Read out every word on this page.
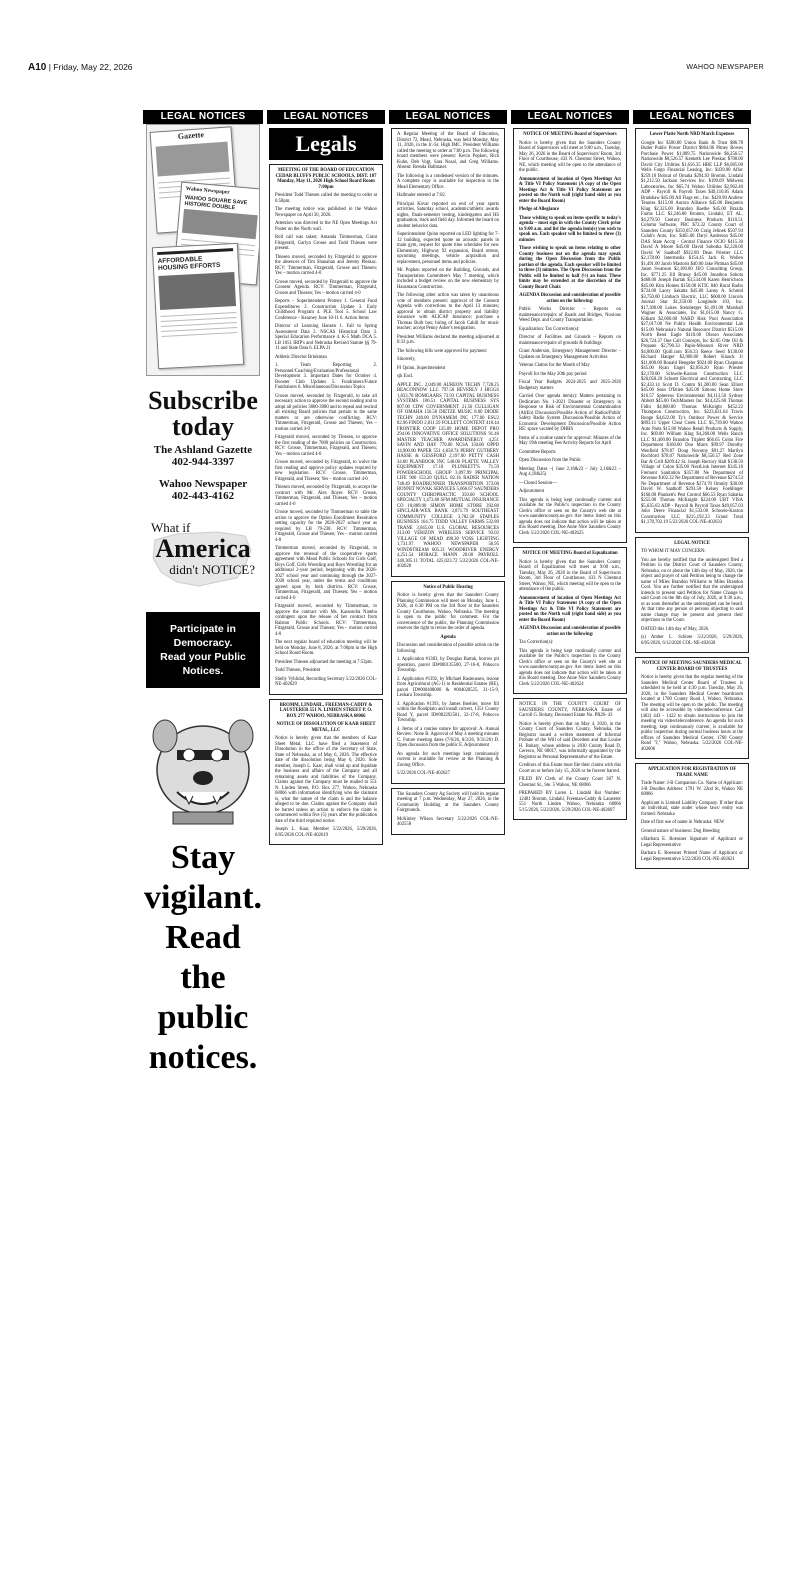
A10 | Friday, May 22, 2026	WAHOO NEWSPAPER
LEGAL NOTICES
Gazette
Wahoo Newspaper
WAHOO SOUARE SAVE HISTORIC DOUBLE
AFFORDABLE HOUSING EFFORTS
Subscribe
today
The Ashland Gazette
402-944-3397
Wahoo Newspaper
402-443-4162
What if
America
didn't NOTICE?
Participate in Democracy.
Read your Public Notices.
Stay
vigilant.
Read
the
public
notices.
LEGAL NOTICES
Legals

MEETING OF THE BOARD OF EDUCATION CEDAR BLUFFS PUBLIC SCHOOLS, DIST. 107 Monday, May 11, 2026 High School Board Room 7:00pm

President Todd Thiesen called the meeting to order at 6:58pm.

The meeting notice was published in the Wahoo Newspaper on April 30, 2026.

Attention was directed to the NE Open Meetings Act Poster on the North wall.

Roll call was taken; Amanda Timmerman, Grant Fitzgerald, Garlyn Grosse and Todd Thiesen were present.

Thiesen moved, seconded by Fitzgerald to approve the absences of Tim Shanahan and Jeremy Pleskac. RCV: Timmerman, Fitzgerald, Grosse and Thiesen; Yes – motion carried 4-0

Grosse moved, seconded by Fitzgerald to approve the Consent Agenda. RCV: Timmerman, Fitzgerald, Grosse and Thiesen; Yes – motion carried 4-0

Reports – Superintendent Promey 1. General Fund Expenditures 2. Construction Update 3. Early Childhood Program 4. PLE Tool 5. School Law Conference – Kearney June 10-11 6. Action Items

Director of Learning Hansen 1. Fall to Spring Assessment Data 2. NSCAS Historical Data 3. Special Education Performance 4. K-5 Math DCA 5. LB 1051 IRIP's and Nebraska Revised Statute §§ 79-11 and State Data 6. ELPA 21

Athletic Director Brinkman

1. Team Reporting 2. Personnel/Coaching/Evaluation/Professional Development 3. Important Dates for October 4. Booster Club Updates 5. Fundraisers/Future Fundraisers 6. Miscellaneous/Discussion Topics

Grosse moved, seconded by Fitzgerald, to take all necessary action to approve the second reading and to adopt all policies 3000-3980 and to repeal and rescind all existing Board policies that pertain to the same matters or are otherwise conflicting. RCV: Timmerman, Fitzgerald, Grosse and Thiesen; Yes – motion carried 4-0

Fitzgerald moved, seconded by Thiesen, to approve the first reading of the 7000 policies on Construction. RCV: Grosse, Timmerman, Fitzgerald, and Thiesen; Yes – motion carried 4-0

Grosse moved, seconded by Fitzgerald, to waive the first reading and approve policy updates required by new legislation. RCV: Grosse, Timmerman, Fitzgerald, and Thiesen; Yes – motion carried 4-0

Thiesen moved, seconded by Fitzgerald, to accept the contract with Mr. Alex Boyer. RCV: Grosse, Timmerman, Fitzgerald, and Thiesen; Yes – motion carried 4-0

Grosse moved, seconded by Timmerman to table the action to approve the Option Enrollment Resolution setting capacity for the 2026-2027 school year as required by LB 79-238. RCV: Timmerman, Fitzgerald, Grosse and Thiesen; Yes – motion carried 4-0

Timmerman moved, seconded by Fitzgerald, to approve the renewal of the cooperative sports agreement with Mead Public Schools for Girls Golf, Boys Golf, Girls Wrestling and Boys Wrestling for an additional 2-year period, beginning with the 2026-2027 school year and continuing through the 2027-2028 school year, under the terms and conditions agreed upon by both districts. RCV: Grosse, Timmerman, Fitzgerald, and Thiesen; Yes – motion carried 4-0

Fitzgerald moved, seconded by Timmerman, to approve the contract with Ms. Kassondra Nambu contingent upon the release of her contract from Ralston Public Schools. RCV: Timmerman, Fitzgerald, Grosse and Thiesen; Yes – motion carried 4-0

The next regular board of education meeting will be held on Monday, June 8, 2026, at 7:00pm in the High School Board Room.

President Thiesen adjourned the meeting at 7:53pm.

Todd Thiesen, President

Shelly Vyhlidal, Recording Secretary 5/22/2026 COL-NE-402629

BROMM, LINDAHL, FREEMAN-CADDY & LAUSTERER 551 N. LINDEN STREET P. O. BOX 277 WAHOO, NEBRASKA 68066

NOTICE OF DISSOLUTION OF KAAR SHEET METAL, LLC

Notice is hereby given that the members of Kaar Sheet Metal, LLC have filed a Statement of Dissolution in the office of the Secretary of State, State of Nebraska, as of May 6, 2026. The effective date of the dissolution being May 6, 2026. Sole member, Joseph L. Kaar, shall wind up and liquidate the business and affairs of the Company and all remaining assets and liabilities of the Company. Claims against the Company must be mailed to 551 N. Linden Street, P.O. Box 277, Wahoo, Nebraska 68066 with information identifying who the claimant is, what the nature of the claim is and the balance alleged to be due. Claims against the Company shall be barred unless an action to enforce the claim is commenced within five (5) years after the publication date of the third required notice.

Joseph L. Kaar, Member 5/22/2026, 5/29/2026, 6/05/2026 COL-NE-402619

LEGAL NOTICES

A Regular Meeting of the Board of Education, District 72, Mead, Nebraska, was held Monday, May 11, 2026, in the Jr.-Sr. High IMC. President Williams called the meeting to order at 7:00 p.m. The following board members were present: Kevin Popken, Rich Kuhn, Deb Vogt, Sara Nosal, and Greg Williams. Absent: Brenda Hallmaier.

The following is a condensed version of the minutes. A complete copy is available for inspection in the Mead Elementary Office.

Hallmaier entered at 7:02.

Principal Kovar reported on end of year sports activities, Saturday school, academic/athletic awards nights, finals-semester testing, kindergarten and HS graduation, track and field day. Informed the board on student behavior data.

Superintendent Quinn reported on LED lighting for 7-12 building, expected quote on acoustic panels in main gym, request for quote time schedules for new Elementary, Highway 92 expansion, Board retreat, upcoming meetings, vehicle acquisition and replacement, personnel items and policies.

Mr. Popken reported on the Building, Grounds, and Transportation Committee's May 7 meeting, which included a budget review on the new elementary by Hausmann Construction.

The following other action was taken by unanimous vote of members present: approval of the Consent Agenda with corrections to the April 13 minutes; approval to obtain district property and liability insurance with ALICAP Insurance; purchase a Thomas Built bus; hiring of Jacob Cahill for music teacher; accept Penny Asher's resignation.

President Williams declared the meeting adjourned at 8:33 p.m.

The following bills were approved for payment:

Sincerely,

PJ Quinn, Superintendent

sjk Encl.

APPLE INC. 2,049.00 AUREON TECHN 7,728.25 BEACONNOW LLC 797.50 BEVERLY J HIGGS 1,833.78 BOMGAARS 73.93 CAPITAL BUSINESS SYSTEMS 106.51 CAPITAL BUSINESS SYS 807.00 CDW GOVERNMENT 21.56 CULLIGAN OF OMAHA 156.50 DIETZE MUSIC 8.00 DIODE TECHN 240.00 DYNAMEM INC 177.00 ESU2 82.96 FINDO 2,811.59 FOLLETT CONTENT 410.44 FRONTIER COOP 125.09 HOME DEPOT PRO 294.06 INNOVATIVE OFFICE SOLUTIONS 91.46 MASTER TEACHER AWARDENERGY 4,251 SAVIN AND HAY 770.00 NCSA 150.00 OPPD 14,900.00 PAPER 551 4,658.74 PERRY GUTHERY HASSE & GESSFORD 2,197.00 PETTY CASH 34.00 PLANBOOK INC 540.00 PLATTE VALLEY EQUIPMENT 17.18 PLUNKETT'S 71.59 POWERSCHOOL GROUP 3,097.99 PRINCIPAL LIFE 900 153.20 QUILL 82.16 RADER NATION 748.49 ROADRUNNER TRANSPORTION 373.00 RONNIT NOVAK SERVICES 5,666.67 SAUNDERS COUNTY CHIROPRACTIC 350.00 SCHOOL SPECIALTY 1,473.60 SFM MUTUAL INSURANCE CO 10,889.00 SIMON HOME STORE 392.80 SINCLAIR-WEX BANK 3,871.79 SOUTHEAST COMMUNITY COLLEGE 3,782.50 STAPLES BUSINESS 164.75 TODD VALLEY FARMS 532.80 TRANE 3,845.00 U.S. GLOBAL RESOURCES 313.00 VERIZON WIRELESS SERVICE 93.02 VILLAGE OF MEAD 498.30 VOSS LIGHTING 1,731.97 WAHOO NEWSPAPER 56.95 WINDSTREAM 605.21 WOODRIVER ENERGY 4,251.54 HORACE MANN 20.00 PAYROLL 340,305.11 TOTAL 425,023.72 5/22/2026 COL-NE-402628

Notice of Public Hearing

Notice is hereby given that the Saunders County Planning Commission will meet on Monday, June 1, 2026, at 6:30 PM on the 3rd floor at the Saunders County Courthouse, Wahoo, Nebraska. The meeting is open to the public for comment. For the convenience of the public, the Planning Commission reserves the right to revise the order of agenda.

Agenda

Discussion and consideration of possible action on the following:

1. Application #1383, by Douglas Bartak, borrow pit operation, parcel ID#000135500, 27-16-8, Pohocco Township.

2. Application #1392, by Michael Rasmussen, rezone from Agricultural (AG-1) to Residential Estates (RE), parcel ID#000408000 & #004028525, 31-15-9, Leshara Township.

3. Application #1393, by James Boehler, move fill within the floodplain and install culvert, 1351 County Road Y, parcel ID#002292501, 32-17-8, Pohocco Township.

4. Items of a routine nature for approval: A. Annual Review: None B. Approval of May 4 meeting minutes C. Future meeting dates (7/6/26, 8/3/26, 9/31/26) D. Open discussion from the public E. Adjournment

An agenda for such meetings kept continuously current is available for review at the Planning & Zoning Office.

5/22/2026 COL-NE-402627

The Saunders County Ag Society will hold its regular meeting at 7 p.m. Wednesday, May 27, 2026, in the Community Building at the Saunders County Fairgrounds.

McKinley Wilson Secretary 5/22/2026 COL-NE-402558

LEGAL NOTICES

NOTICE OF MEETING Board of Supervisors

Notice is hereby given that the Saunders County Board of Supervisors will meet at 9:00 a.m., Tuesday, May 26, 2026 in the Board of Supervisors' Room, 3rd Floor of Courthouse, 433 N. Chestnut Street, Wahoo, NE, which meeting will be open to the attendance of the public.

Announcement of location of Open Meetings Act & Title VI Policy Statement (A copy of the Open Meetings Act & Title VI Policy Statement are posted on the North wall (right hand side) as you enter the Board Room)

Pledge of Allegiance

Those wishing to speak on items specific to today's agenda – must sign in with the County Clerk prior to 9:00 a.m. and list the agenda item(s) you wish to speak on. Each speaker will be limited to three (3) minutes

Those wishing to speak on items relating to other County business not on the agenda may speak during the Open Discussion from the Public portion of the agenda. Each speaker will be limited to three (3) minutes. The Open Discussion from the Public will be limited to half (½) an hour. These limits may be extended at the discretion of the County Board Chair.

AGENDA Discussion and consideration of possible action on the following:

Public Works Director – Reports on maintenance/repairs of Roads and Bridges, Noxious Weed Dept. and County Transportation

Equalization: Tax Correction(s):

Director of Facilities and Grounds – Reports on maintenance/repairs of grounds & buildings

Grant Anderson, Emergency Management Director – Updates on Emergency Management Activities

Veteran Claims for the Month of May

Payroll for the May 20th pay period

Fiscal Year Budgets 2024-2025 and 2025-2026 Budgetary matters

Carried Over agenda item(s): Matters pertaining to Dedication No. 1-2021 Disaster or Emergency in Response to Risk of Environmental Contamination (AltEn) Discussion/Possible Action of Radios/Public Safety Radio System Discussion/Possible Action of Economic Development Discussion/Possible Action RE: space vacated by DHHS

Items of a routine nature for approval: Minutes of the May 19th meeting Fee/Activity Reports for April

Committee Reports

Open Discussion from the Public

Meeting Dates –( June 2,16&23 – July 2,16&23 – Aug 4,18&25)

—Closed Session—

Adjournment

This agenda is being kept continually current and available for the Public's inspection in the County Clerk's office or seen on the County's web site at www.saunderscounty.ne.gov Are items listed on this agenda does not indicate that action will be taken at this Board meeting. Doe Anne Nice Saunders County Clerk 5/22/2026 COL-NE-402625

NOTICE OF MEETING Board of Equalization

Notice is hereby given that the Saunders County Board of Equalization will meet at 9:00 a.m., Tuesday, May 26, 2026 in the Board of Supervisors Room, 3rd Floor of Courthouse, 433 N Chestnut Street, Wahoo, NE, which meeting will be open to the attendance of the public.

Announcement of location of Open Meetings Act & Title VI Policy Statement (A copy of the Open Meetings Act & Title VI Policy Statement are posted on the North wall (right hand side) as you enter the Board Room)

AGENDA Discussion and consideration of possible action on the following:

Tax Correction(s):

This agenda is being kept continually current and available for the Public's inspection in the County Clerk's office or seen on the County's web site at www.saunderscounty.ne.gov Are items listed on this agenda does not indicate that action will be taken at this Board meeting. Doe Anne Nice Saunders County Clerk 5/22/2026 COL-NE-402624

NOTICE IN THE COUNTY COURT OF SAUNDERS COUNTY, NEBRASKA Estate of Carroll G. Bohaty, Deceased Estate No. PR26- 43

Notice is hereby given that on May 4, 2026, in the County Court of Saunders County, Nebraska, the Registrar issued a written statement of Informal Probate of the Will of said Decedent and that Louise H. Bohaty, whose address is 2030 County Road D, Ceresco, NE 68017, was informally appointed by the Registrar as Personal Representative of the Estate.

Creditors of this Estate must file their claims with this Court on or before July 15, 2026 or be forever barred.

FILED BY Clerk of the County Court 387 N. Chestnut St., Ste. 5 Wahoo, NE 68066

PREPARED BY Loren L. Lindahl Bar Number: 12481 Bromm, Lindahl, Freeman-Caddy & Lausterer 551 North Linden Wahoo, Nebraska 68066 5/15/2026, 5/22/2026, 5/29/2026 COL-NE-402607

LEGAL NOTICES

Lower Platte North NRD March Expenses

Google Inc $580.80 Union Bank & Trust $86.78 Butler Public Power District $864.06 Pitney Bowes Purchase Power $1,089.75 Nationwide $6,256.57 Nationwide $8,526.57 Kenneth Lee Pleskac $700.00 David City Utilities $1,656.35 HBE LLP $6,085.00 Wells Fargo Financial Leasing, Inc. $439.00 Aflac $259.10 Bobcat of Omaha $294.93 Bromm, Lindahl $1,212.50 Jackson Services Inc. $199.69 Midwest Laboratories, Inc $65.74 Wahoo Utilities $2,962.40 ADP - Payroll & Payroll Taxes $49,110.85 Adam Bradshaw $45.00 All Flags etc., Inc. $420.90 Andrew Tennies $115.00 Aurora Alliance $45.00 Benjamin Klug $2,325.00 Brandon Baethe $45.00 Brazda Farms LLC $2,246.00 Bromm, Lindahl, ET AL. $4,279.50 Century Business Products $110.51 Column Software, PBC $72.32 County Court of Saunders County $350,057.00 Craig Jelinek $507.94 Culab's Auto, Inc. $465.00 Daryl Anderson $45.00 DAS State Acctg - Central Finance OCIO $415.30 David A Moore $45.00 David Sobotka $2,220.00 David W Saathoff $922.80 Dean Priester LLC $2,178.00 Intermedia $154.45 Jack R. Wollen $1,491.00 Jacob Mastoris $40.00 Jake Pittman $45.00 Jason Swanson $2,100.00 JEO Consulting Group, Inc. $771.25 Jill Brassy $45.00 Jonathon Sobota $468.00 Joseph Bartak $3,534.00 Karen Henrichson $45.00 Kim Homes $150.00 KTIC 840 Rural Radio $724.00 Lacey Sakatta $45.00 Lanny A. Schmid $3,750.00 Limbach Electric, LLC $600.00 Lincoln Journal Star $1,250.00 Longitude 103, Inc. $17,300.00 Lukes Steinberger $1,491.00 Marshall Wagner & Associates, Inc $1,615.00 Nancy G. Kitham $2,000.00 NARD Risk Pool Association $27,017.00 Ne Public Health Environmental Lab $15.00 Nebraska's Natural Resource District $515.00 North Bend Eagle $110.00 Olsson Associates $26,724.37 One Call Concepts, Inc $2.85 Otte Oil & Propane $2,790.33 Papio-Missouri River NRD $4,000.00 Quill.com $56.33 Reece Seed $130.00 Richard Hauger $2,000.00 Robert Klauck Jr $11,000.00 Ronald Hengeler $924.00 Ryan Chapman $45.00 Ryan Engel $2,056.20 Ryan Priester $2,178.00 Schwele-Kaxton Construction LLC $26,058.20 Schuett Electrical and Contracting, LLC $2,433.14 Scott D. Comm $1,200.00 Sean Elliott $45.00 Sean O'Brien $45.00 Simons Home Store $16.57 Sphereos Environmental $4,113.50 Sydney Abbott $45.00 TechMasters Inc. $14,425.60 Thomas Fidhi $4,000.00 Thomas McKnight $452.22 Thompson Construction, Inc. $223,631.64 Travis Runge $4,622.00 Ty's Outdoor Power & Service $893.11 Upper Clear Creek LLC $5,739.00 Wahoo Auto Parts $15.80 Wahoo Retail Products & Supply, Inc. $69.80 William Klug $4,260.00 Wells Ranch LLC $1,400.00 Brandon Triplett $66.65 Colon Fire Department $160.00 Don Marrs $99.97 Dorothy Wenfield $78.07 Doug Novotny $91.27 Marilyn Rochford $78.07 Nationwide $8,556.57 Red Zone Bar & Grill $209.42 St. Joseph Rectory Hall $138.50 Village of Colon $35.00 NextLink Internet $345.18 Fremont Sanitation $357.80 Ne Department of Revenue $102.32 Ne Department of Revenue $274.53 Ne Department of Revenue $274.70 Omnity $30.00 David W. Saathoff $293.50 Kelsey Foehlinger $160.00 Plunkett's Pest Control $66.53 Ryan Sabatka $255.00 Thomas McKnight $224.00 UBT VISA $5,635.63 ADP - Payroll & Payroll Taxes $49,057.03 John Deere Financial $1,533.00 Schwele-Kaxton Construction LLC $215,192.23 Grand Total $1,178,702.19 5/22/2026 COL-NE-402633

LEGAL NOTICE

TO WHOM IT MAY CONCERN:

You are hereby notified that the undersigned filed a Petition in the District Court of Saunders County, Nebraska, on or about the 14th day of May, 2026, the object and prayer of said Petition being to change the name of Miles Brandon Williams to Miles Brandon Cool. You are further notified that the undersigned intends to present said Petition for Name Change to said Court on the 8th day of July, 2026, at 9:30 a.m., or as soon thereafter as the undersigned can be heard. At that time any person or persons objecting to said name change may be present and present their objections to the Court.

DATED this 14th day of May, 2026.

(s) Amber L. Schlote 5/22/2026, 5/29/2026, 6/05/2026, 6/12/2026 COL-NE-402638

NOTICE OF MEETING SAUNDERS MEDICAL CENTER BOARD OF TRUSTEES

Notice is hereby given that the regular meeting of the Saunders Medical Center Board of Trustees is scheduled to be held at 4:30 p.m. Tuesday, May 26, 2026, in the Saunders Medical Center boardroom located at 1760 County Road J, Wahoo, Nebraska. The meeting will be open to the public. The meeting will also be accessible by videoteleconference. Call (402) 443 - 1422 to obtain instructions to join the meeting via video/teleconference. An agenda for such meeting, kept continuously current, is available for public inspection during normal business hours at the offices of Saunders Medical Center, 1760 County Road "J," Wahoo, Nebraska. 5/22/2026 COL-NE-402606

APPLICATION FOR REGISTRATION OF TRADE NAME

Trade Name: J-B Companion Co. Name of Applicant: J-B Doodles Address: 1791 W. 22nd St, Wahoo NE 68066

Applicant is Limited Liability Company. If other than an individual, state under whose laws/ entity was formed: Nebraska

Date of first use of name in Nebraska: NEW

General nature of business: Dog Breeding

s/Barbara E. Roessner Signature of Applicant or Legal Representative

Barbara E. Roessner Printed Name of Applicant or Legal Representative 5/22/2026 COL-NE-402621
